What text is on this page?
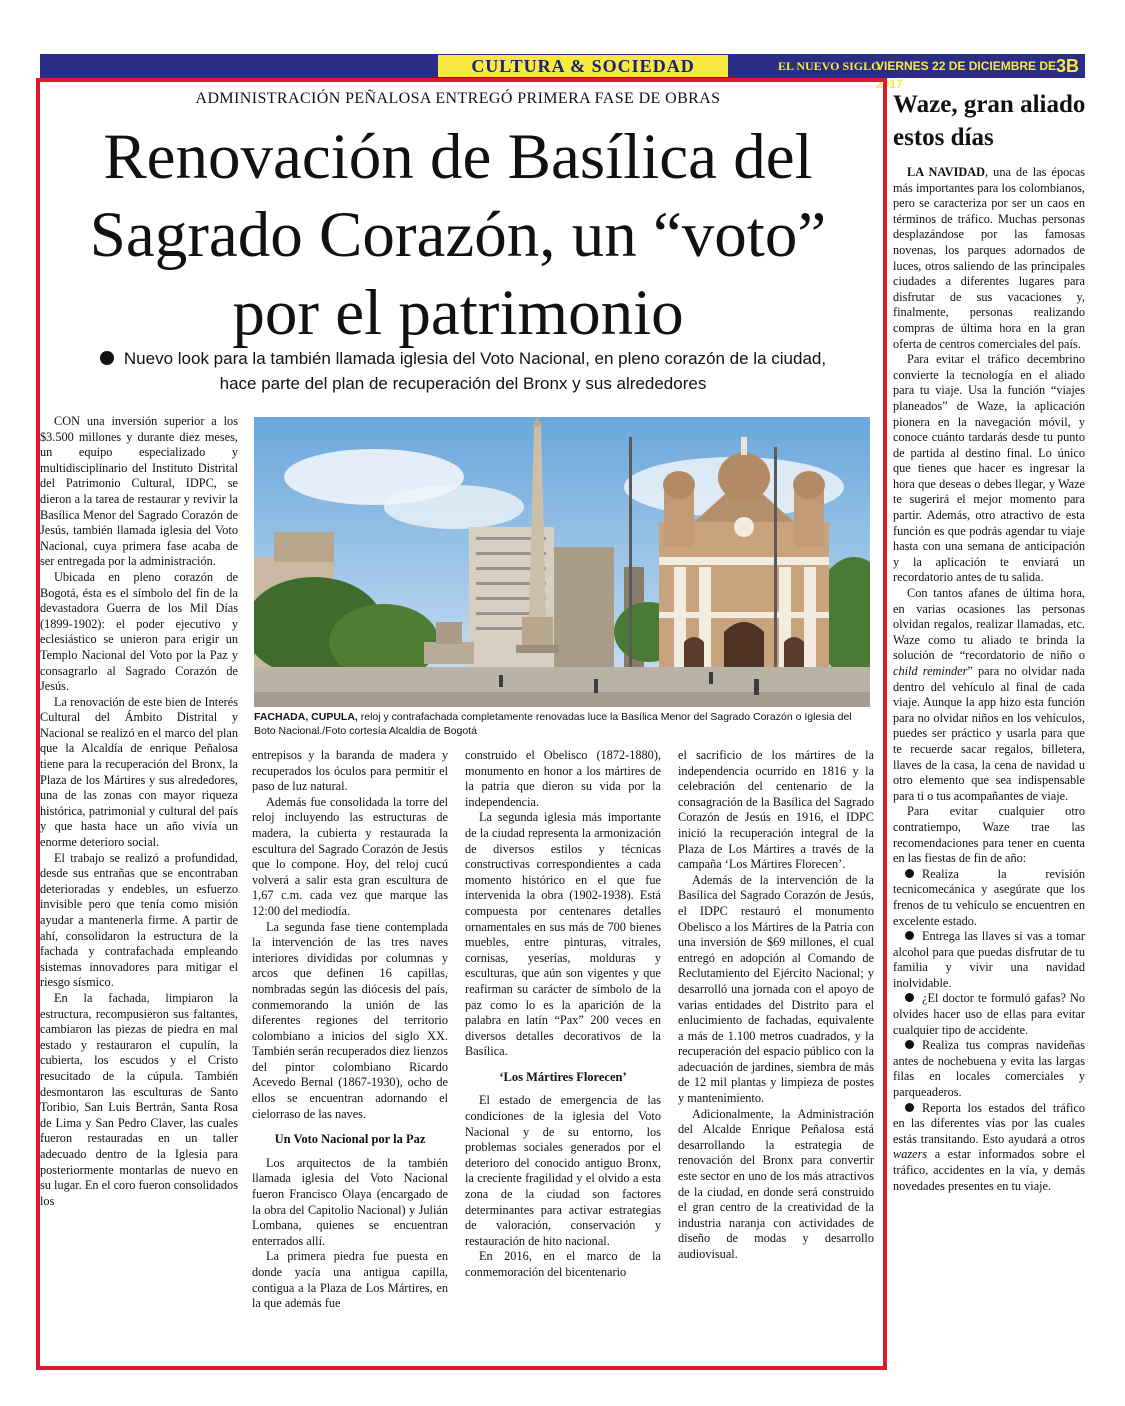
CULTURA & SOCIEDAD	EL NUEVO SIGLO
VIERNES 22 DE DICIEMBRE DE 2017
3B
ADMINISTRACIÓN PEÑALOSA ENTREGÓ PRIMERA FASE DE OBRAS
Renovación de Basílica del Sagrado Corazón, un “voto” por el patrimonio
Nuevo look para la también llamada iglesia del Voto Nacional, en pleno corazón de la ciudad,
hace parte del plan de recuperación del Bronx y sus alrededores
FACHADA, CUPULA, reloj y contrafachada completamente renovadas luce la Basílica Menor del Sagrado Corazón o Iglesia del Boto Nacional./Foto cortesía Alcaldía de Bogotá

CON una inversión superior a los $3.500 millones y durante diez meses, un equipo especializado y multidisciplinario del Instituto Distrital del Patrimonio Cultural, IDPC, se dieron a la tarea de restaurar y revivir la Basílica Menor del Sagrado Corazón de Jesús, también llamada iglesia del Voto Nacional, cuya primera fase acaba de ser entregada por la administración.

Ubicada en pleno corazón de Bogotá, ésta es el símbolo del fin de la devastadora Guerra de los Mil Días (1899-1902): el poder ejecutivo y eclesiástico se unieron para erigir un Templo Nacional del Voto por la Paz y consagrarlo al Sagrado Corazón de Jesús.

La renovación de este bien de Interés Cultural del Ámbito Distrital y Nacional se realizó en el marco del plan que la Alcaldía de enrique Peñalosa tiene para la recuperación del Bronx, la Plaza de los Mártires y sus alrededores, una de las zonas con mayor riqueza histórica, patrimonial y cultural del país y que hasta hace un año vivía un enorme deterioro social.

El trabajo se realizó a profundidad, desde sus entrañas que se encontraban deterioradas y endebles, un esfuerzo invisible pero que tenía como misión ayudar a mantenerla firme. A partir de ahí, consolidaron la estructura de la fachada y contrafachada empleando sistemas innovadores para mitigar el riesgo sísmico.

En la fachada, limpiaron la estructura, recompusieron sus faltantes, cambiaron las piezas de piedra en mal estado y restauraron el cupulín, la cubierta, los escudos y el Cristo resucitado de la cúpula. También desmontaron las esculturas de Santo Toribio, San Luis Bertrán, Santa Rosa de Lima y San Pedro Claver, las cuales fueron restauradas en un taller adecuado dentro de la Iglesia para posteriormente montarlas de nuevo en su lugar. En el coro fueron consolidados los

entrepisos y la baranda de madera y recuperados los óculos para permitir el paso de luz natural.

Además fue consolidada la torre del reloj incluyendo las estructuras de madera, la cubierta y restaurada la escultura del Sagrado Corazón de Jesús que lo compone. Hoy, del reloj cucú volverá a salir esta gran escultura de 1,67 c.m. cada vez que marque las 12:00 del mediodía.

La segunda fase tiene contemplada la intervención de las tres naves interiores divididas por columnas y arcos que definen 16 capillas, nombradas según las diócesis del país, conmemorando la unión de las diferentes regiones del territorio colombiano a inicios del siglo XX. También serán recuperados diez lienzos del pintor colombiano Ricardo Acevedo Bernal (1867-1930), ocho de ellos se encuentran adornando el cielorraso de las naves.

Un Voto Nacional por la Paz

Los arquitectos de la también llamada iglesia del Voto Nacional fueron Francisco Olaya (encargado de la obra del Capitolio Nacional) y Julián Lombana, quienes se encuentran enterrados allí.

La primera piedra fue puesta en donde yacía una antigua capilla, contigua a la Plaza de Los Mártires, en la que además fue

construido el Obelisco (1872-1880), monumento en honor a los mártires de la patria que dieron su vida por la independencia.

La segunda iglesia más importante de la ciudad representa la armonización de diversos estilos y técnicas constructivas correspondientes a cada momento histórico en el que fue intervenida la obra (1902-1938). Está compuesta por centenares detalles ornamentales en sus más de 700 bienes muebles, entre pinturas, vitrales, cornisas, yeserías, molduras y esculturas, que aún son vigentes y que reafirman su carácter de símbolo de la paz como lo es la aparición de la palabra en latín “Pax” 200 veces en diversos detalles decorativos de la Basílica.

‘Los Mártires Florecen’

El estado de emergencia de las condiciones de la iglesia del Voto Nacional y de su entorno, los problemas sociales generados por el deterioro del conocido antiguo Bronx, la creciente fragilidad y el olvido a esta zona de la ciudad son factores determinantes para activar estrategias de valoración, conservación y restauración de hito nacional.

En 2016, en el marco de la conmemoración del bicentenario

el sacrificio de los mártires de la independencia ocurrido en 1816 y la celebración del centenario de la consagración de la Basílica del Sagrado Corazón de Jesús en 1916, el IDPC inició la recuperación integral de la Plaza de Los Mártires a través de la campaña ‘Los Mártires Florecen’.

Además de la intervención de la Basílica del Sagrado Corazón de Jesús, el IDPC restauró el monumento Obelisco a los Mártires de la Patria con una inversión de $69 millones, el cual entregó en adopción al Comando de Reclutamiento del Ejército Nacional; y desarrolló una jornada con el apoyo de varias entidades del Distrito para el enlucimiento de fachadas, equivalente a más de 1.100 metros cuadrados, y la recuperación del espacio público con la adecuación de jardines, siembra de más de 12 mil plantas y limpieza de postes y mantenimiento.

Adicionalmente, la Administración del Alcalde Enrique Peñalosa está desarrollando la estrategia de renovación del Bronx para convertir este sector en uno de los más atractivos de la ciudad, en donde será construido el gran centro de la creatividad de la industria naranja con actividades de diseño de modas y desarrollo audiovisual.

Waze, gran aliado estos días

LA NAVIDAD, una de las épocas más importantes para los colombianos, pero se caracteriza por ser un caos en términos de tráfico. Muchas personas desplazándose por las famosas novenas, los parques adornados de luces, otros saliendo de las principales ciudades a diferentes lugares para disfrutar de sus vacaciones y, finalmente, personas realizando compras de última hora en la gran oferta de centros comerciales del país.

Para evitar el tráfico decembrino convierte la tecnología en el aliado para tu viaje. Usa la función “viajes planeados” de Waze, la aplicación pionera en la navegación móvil, y conoce cuánto tardarás desde tu punto de partida al destino final. Lo único que tienes que hacer es ingresar la hora que deseas o debes llegar, y Waze te sugerirá el mejor momento para partir. Además, otro atractivo de esta función es que podrás agendar tu viaje hasta con una semana de anticipación y la aplicación te enviará un recordatorio antes de tu salida.

Con tantos afanes de última hora, en varias ocasiones las personas olvidan regalos, realizar llamadas, etc. Waze como tu aliado te brinda la solución de “recordatorio de niño o child reminder” para no olvidar nada dentro del vehículo al final de cada viaje. Aunque la app hizo esta función para no olvidar niños en los vehículos, puedes ser práctico y usarla para que te recuerde sacar regalos, billetera, llaves de la casa, la cena de navidad u otro elemento que sea indispensable para ti o tus acompañantes de viaje.

Para evitar cualquier otro contratiempo, Waze trae las recomendaciones para tener en cuenta en las fiestas de fin de año:

Realiza la revisión tecnicomecánica y asegúrate que los frenos de tu vehículo se encuentren en excelente estado.

Entrega las llaves si vas a tomar alcohol para que puedas disfrutar de tu familia y vivir una navidad inolvidable.

¿El doctor te formuló gafas? No olvides hacer uso de ellas para evitar cualquier tipo de accidente.

Realiza tus compras navideñas antes de nochebuena y evita las largas filas en locales comerciales y parqueaderos.

Reporta los estados del tráfico en las diferentes vías por las cuales estás transitando. Esto ayudará a otros wazers a estar informados sobre el tráfico, accidentes en la vía, y demás novedades presentes en tu viaje.
